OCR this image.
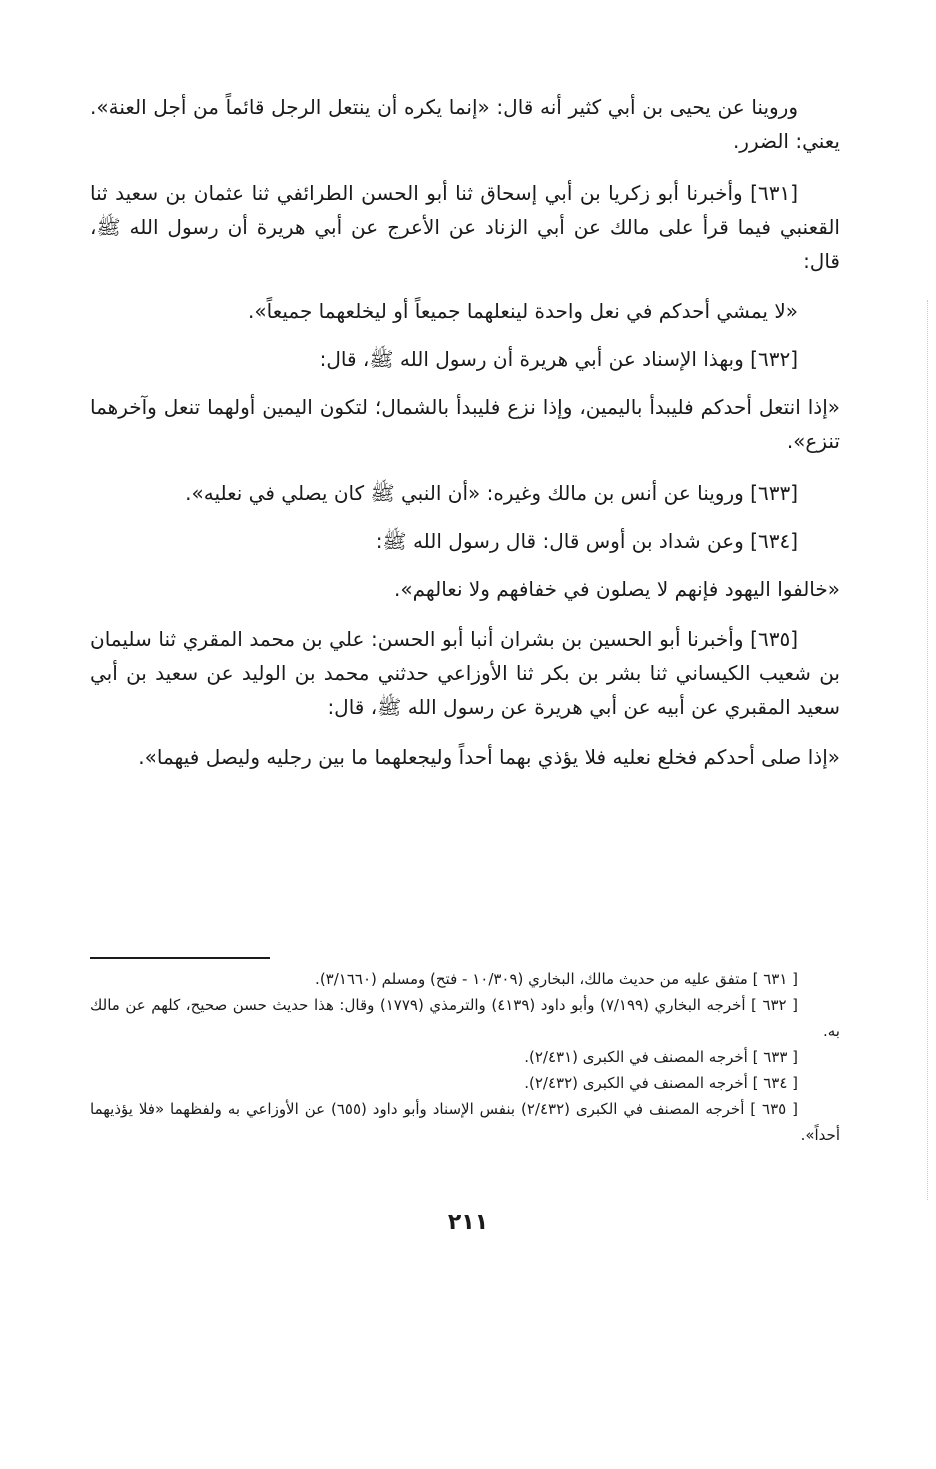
وروينا عن يحيى بن أبي كثير أنه قال: «إنما يكره أن ينتعل الرجل قائماً من أجل العنة». يعني: الضرر.

[٦٣١] وأخبرنا أبو زكريا بن أبي إسحاق ثنا أبو الحسن الطرائفي ثنا عثمان بن سعيد ثنا القعنبي فيما قرأ على مالك عن أبي الزناد عن الأعرج عن أبي هريرة أن رسول الله ﷺ، قال:

«لا يمشي أحدكم في نعل واحدة لينعلهما جميعاً أو ليخلعهما جميعاً».

[٦٣٢] وبهذا الإسناد عن أبي هريرة أن رسول الله ﷺ، قال:

«إذا انتعل أحدكم فليبدأ باليمين، وإذا نزع فليبدأ بالشمال؛ لتكون اليمين أولهما تنعل وآخرهما تنزع».

[٦٣٣] وروينا عن أنس بن مالك وغيره: «أن النبي ﷺ كان يصلي في نعليه».

[٦٣٤] وعن شداد بن أوس قال: قال رسول الله ﷺ:

«خالفوا اليهود فإنهم لا يصلون في خفافهم ولا نعالهم».

[٦٣٥] وأخبرنا أبو الحسين بن بشران أنبا أبو الحسن: علي بن محمد المقري ثنا سليمان بن شعيب الكيساني ثنا بشر بن بكر ثنا الأوزاعي حدثني محمد بن الوليد عن سعيد بن أبي سعيد المقبري عن أبيه عن أبي هريرة عن رسول الله ﷺ، قال:

«إذا صلى أحدكم فخلع نعليه فلا يؤذي بهما أحداً وليجعلهما ما بين رجليه وليصل فيهما».

[ ٦٣١ ] متفق عليه من حديث مالك، البخاري (١٠/٣٠٩ - فتح) ومسلم (٣/١٦٦٠).

[ ٦٣٢ ] أخرجه البخاري (٧/١٩٩) وأبو داود (٤١٣٩) والترمذي (١٧٧٩) وقال: هذا حديث حسن صحيح، كلهم عن مالك به.

[ ٦٣٣ ] أخرجه المصنف في الكبرى (٢/٤٣١).

[ ٦٣٤ ] أخرجه المصنف في الكبرى (٢/٤٣٢).

[ ٦٣٥ ] أخرجه المصنف في الكبرى (٢/٤٣٢) بنفس الإسناد وأبو داود (٦٥٥) عن الأوزاعي به ولفظهما «فلا يؤذيهما أحداً».

٢١١
